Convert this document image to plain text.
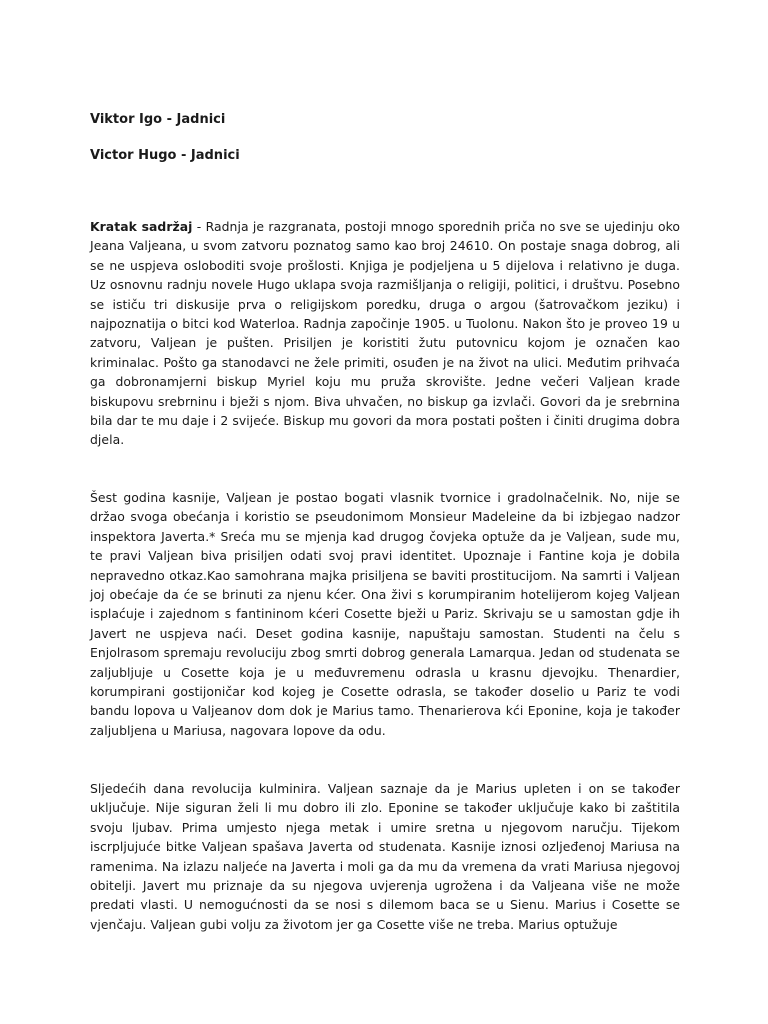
Viktor Igo - Jadnici

Victor Hugo - Jadnici

Kratak sadržaj - Radnja je razgranata, postoji mnogo sporednih priča no sve se ujedinju oko Jeana Valjeana, u svom zatvoru poznatog samo kao broj 24610. On postaje snaga dobrog, ali se ne uspjeva osloboditi svoje prošlosti. Knjiga je podjeljena u 5 dijelova i relativno je duga. Uz osnovnu radnju novele Hugo uklapa svoja razmišljanja o religiji, politici, i društvu. Posebno se ističu tri diskusije prva o religijskom poredku, druga o argou (šatrovačkom jeziku) i najpoznatija o bitci kod Waterloa. Radnja započinje 1905. u Tuolonu. Nakon što je proveo 19 u zatvoru, Valjean je pušten. Prisiljen je koristiti žutu putovnicu kojom je označen kao kriminalac. Pošto ga stanodavci ne žele primiti, osuđen je na život na ulici. Međutim prihvaća ga dobronamjerni biskup Myriel koju mu pruža skrovište. Jedne večeri Valjean krade biskupovu srebrninu i bježi s njom. Biva uhvačen, no biskup ga izvlači. Govori da je srebrnina bila dar te mu daje i 2 svijeće. Biskup mu govori da mora postati pošten i činiti drugima dobra djela.

Šest godina kasnije, Valjean je postao bogati vlasnik tvornice i gradolnačelnik. No, nije se držao svoga obećanja i koristio se pseudonimom Monsieur Madeleine da bi izbjegao nadzor inspektora Javerta.* Sreća mu se mjenja kad drugog čovjeka optuže da je Valjean, sude mu, te pravi Valjean biva prisiljen odati svoj pravi identitet. Upoznaje i Fantine koja je dobila nepravedno otkaz.Kao samohrana majka prisiljena se baviti prostitucijom. Na samrti i Valjean joj obećaje da će se brinuti za njenu kćer. Ona živi s korumpiranim hotelijerom kojeg Valjean isplaćuje i zajednom s fantininom kćeri Cosette bježi u Pariz. Skrivaju se u samostan gdje ih Javert ne uspjeva naći. Deset godina kasnije, napuštaju samostan. Studenti na čelu s Enjolrasom spremaju revoluciju zbog smrti dobrog generala Lamarqua. Jedan od studenata se zaljubljuje u Cosette koja je u međuvremenu odrasla u krasnu djevojku. Thenardier, korumpirani gostijoničar kod kojeg je Cosette odrasla, se također doselio u Pariz te vodi bandu lopova u Valjeanov dom dok je Marius tamo. Thenarierova kći Eponine, koja je također zaljubljena u Mariusa, nagovara lopove da odu.

Sljedećih dana revolucija kulminira. Valjean saznaje da je Marius upleten i on se također uključuje. Nije siguran želi li mu dobro ili zlo. Eponine se također uključuje kako bi zaštitila svoju ljubav. Prima umjesto njega metak i umire sretna u njegovom naručju. Tijekom iscrpljujuće bitke Valjean spašava Javerta od studenata. Kasnije iznosi ozljeđenoj Mariusa na ramenima. Na izlazu naljeće na Javerta i moli ga da mu da vremena da vrati Mariusa njegovoj obitelji. Javert mu priznaje da su njegova uvjerenja ugrožena i da Valjeana više ne može predati vlasti. U nemogućnosti da se nosi s dilemom baca se u Sienu. Marius i Cosette se vjenčaju. Valjean gubi volju za životom jer ga Cosette više ne treba. Marius optužuje
